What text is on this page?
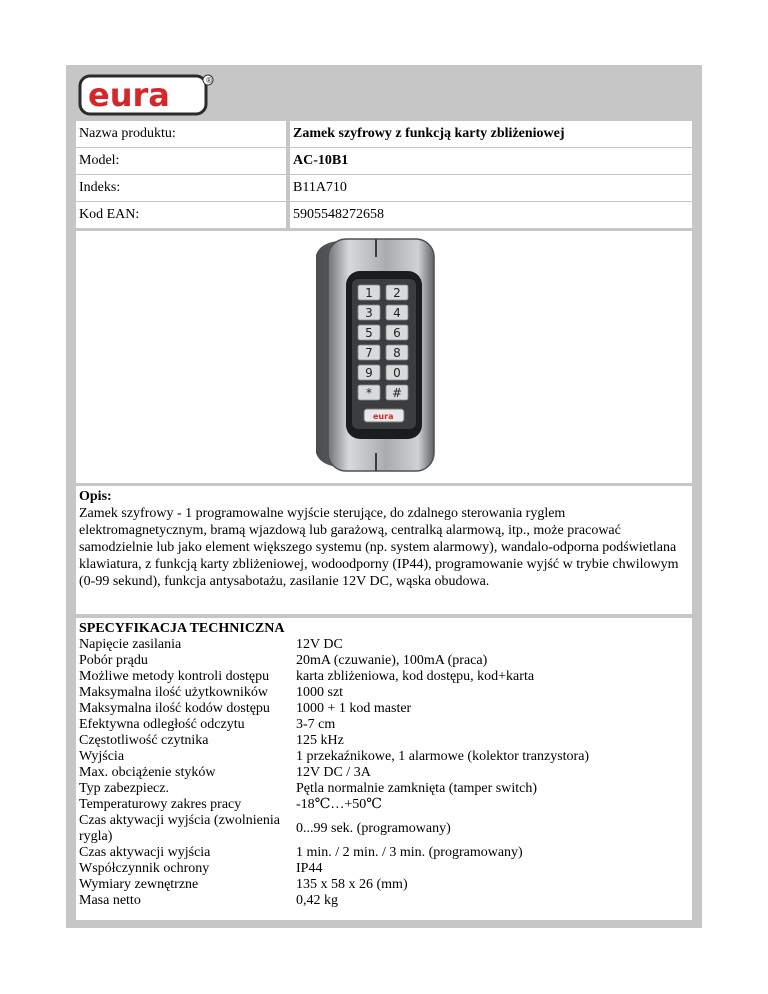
eura	®
Nazwa produktu:	Zamek szyfrowy z funkcją karty zbliżeniowej
Model:	AC-10B1
Indeks:	B11A710
Kod EAN:	5905548272658
1 2
3 4
5 6
7 8
9 0
* #
eura
Opis:
Zamek szyfrowy - 1 programowalne wyjście sterujące, do zdalnego sterowania ryglem elektromagnetycznym, bramą wjazdową lub garażową, centralką alarmową, itp., może pracować samodzielnie lub jako element większego systemu (np. system alarmowy), wandalo-odporna podświetlana klawiatura, z funkcją karty zbliżeniowej, wodoodporny (IP44), programowanie wyjść w trybie chwilowym (0-99 sekund), funkcja antysabotażu, zasilanie 12V DC, wąska obudowa.
SPECYFIKACJA TECHNICZNA
Napięcie zasilania	12V DC
Pobór prądu	20mA (czuwanie), 100mA (praca)
Możliwe metody kontroli dostępu	karta zbliżeniowa, kod dostępu, kod+karta
Maksymalna ilość użytkowników	1000 szt
Maksymalna ilość kodów dostępu	1000 + 1 kod master
Efektywna odległość odczytu	3-7 cm
Częstotliwość czytnika	125 kHz
Wyjścia	1 przekaźnikowe, 1 alarmowe (kolektor tranzystora)
Max. obciążenie styków	12V DC / 3A
Typ zabezpiecz.	Pętla normalnie zamknięta (tamper switch)
Temperaturowy zakres pracy	-18℃…+50℃
Czas aktywacji wyjścia (zwolnienia rygla)	0...99 sek. (programowany)
Czas aktywacji wyjścia	1 min. / 2 min. / 3 min. (programowany)
Współczynnik ochrony	IP44
Wymiary zewnętrzne	135 x 58 x 26 (mm)
Masa netto	0,42 kg
